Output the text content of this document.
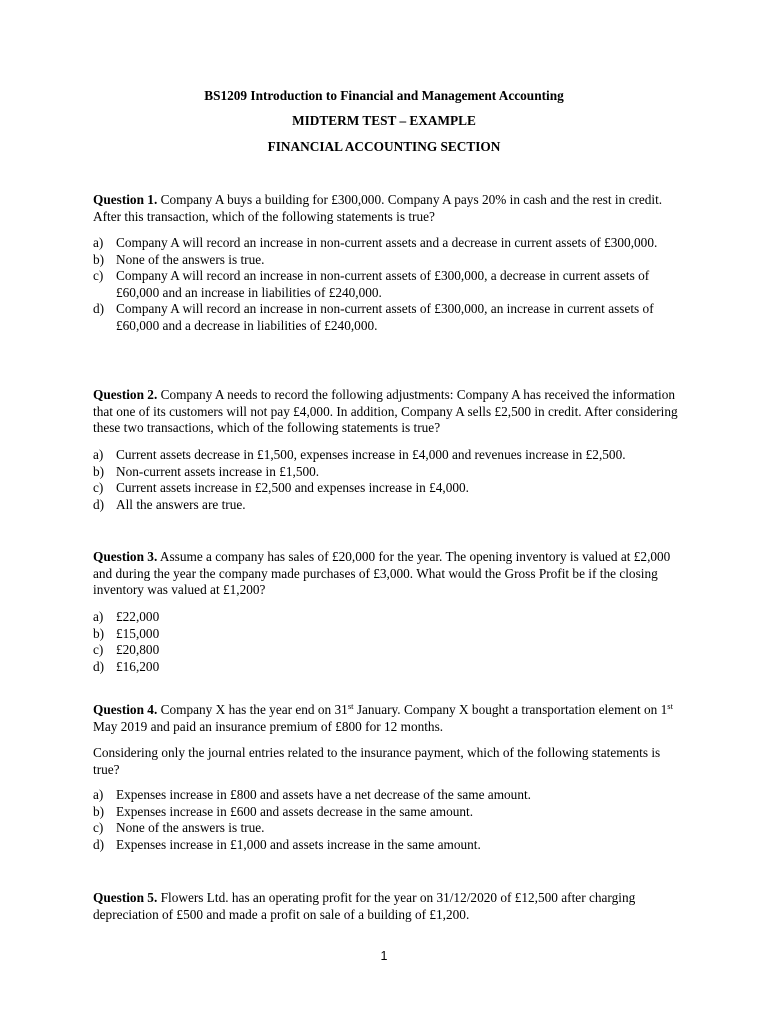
BS1209 Introduction to Financial and Management Accounting
MIDTERM TEST – EXAMPLE
FINANCIAL ACCOUNTING SECTION
Question 1. Company A buys a building for £300,000. Company A pays 20% in cash and the rest in credit. After this transaction, which of the following statements is true?
a) Company A will record an increase in non-current assets and a decrease in current assets of £300,000.
b) None of the answers is true.
c) Company A will record an increase in non-current assets of £300,000, a decrease in current assets of £60,000 and an increase in liabilities of £240,000.
d) Company A will record an increase in non-current assets of £300,000, an increase in current assets of £60,000 and a decrease in liabilities of £240,000.
Question 2. Company A needs to record the following adjustments: Company A has received the information that one of its customers will not pay £4,000. In addition, Company A sells £2,500 in credit. After considering these two transactions, which of the following statements is true?
a) Current assets decrease in £1,500, expenses increase in £4,000 and revenues increase in £2,500.
b) Non-current assets increase in £1,500.
c) Current assets increase in £2,500 and expenses increase in £4,000.
d) All the answers are true.
Question 3. Assume a company has sales of £20,000 for the year. The opening inventory is valued at £2,000 and during the year the company made purchases of £3,000. What would the Gross Profit be if the closing inventory was valued at £1,200?
a) £22,000
b) £15,000
c) £20,800
d) £16,200
Question 4. Company X has the year end on 31st January. Company X bought a transportation element on 1st May 2019 and paid an insurance premium of £800 for 12 months.
Considering only the journal entries related to the insurance payment, which of the following statements is true?
a) Expenses increase in £800 and assets have a net decrease of the same amount.
b) Expenses increase in £600 and assets decrease in the same amount.
c) None of the answers is true.
d) Expenses increase in £1,000 and assets increase in the same amount.
Question 5. Flowers Ltd. has an operating profit for the year on 31/12/2020 of £12,500 after charging depreciation of £500 and made a profit on sale of a building of £1,200.
1
